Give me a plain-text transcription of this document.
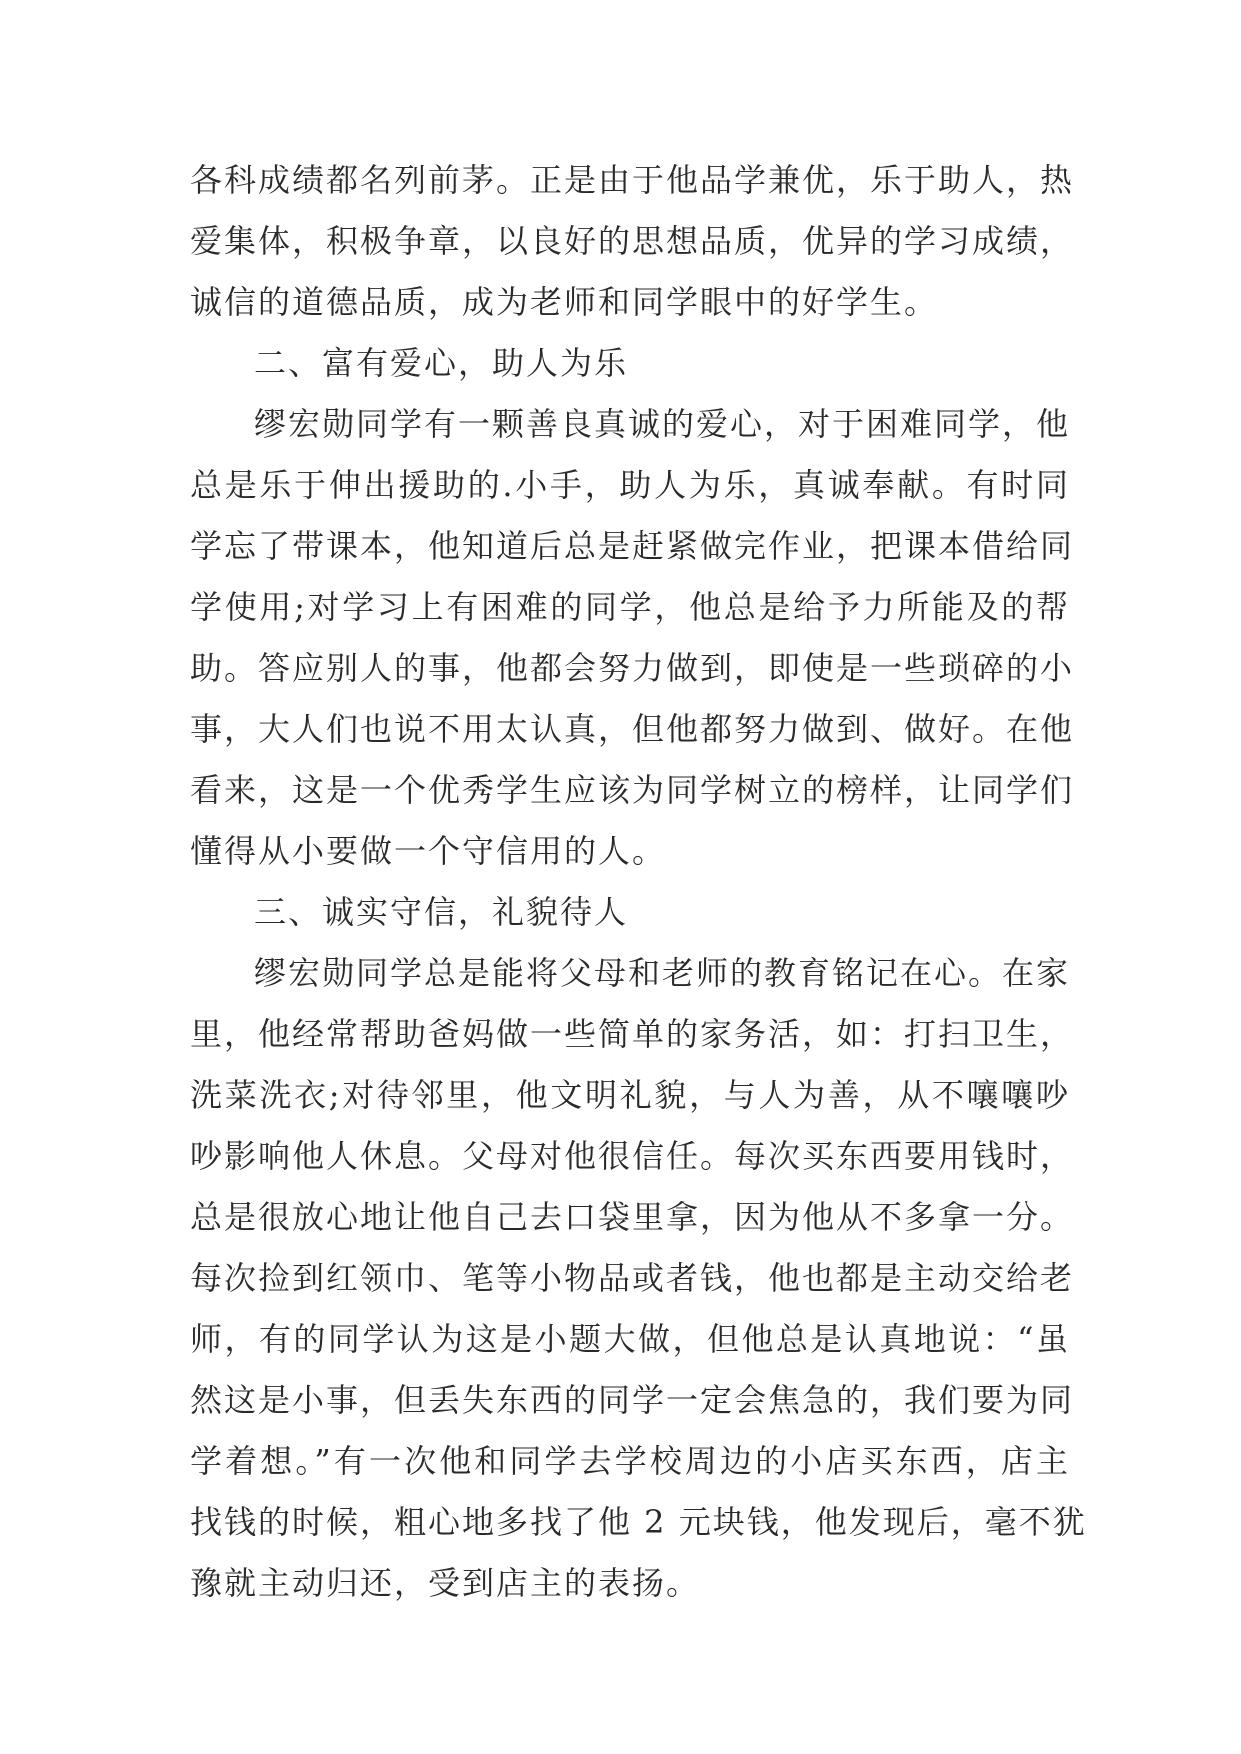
各科成绩都名列前茅。正是由于他品学兼优，乐于助人，热
爱集体，积极争章，以良好的思想品质，优异的学习成绩，
诚信的道德品质，成为老师和同学眼中的好学生。
二、富有爱心，助人为乐
缪宏勋同学有一颗善良真诚的爱心，对于困难同学，他
总是乐于伸出援助的.小手，助人为乐，真诚奉献。有时同
学忘了带课本，他知道后总是赶紧做完作业，把课本借给同
学使用;对学习上有困难的同学，他总是给予力所能及的帮
助。答应别人的事，他都会努力做到，即使是一些琐碎的小
事，大人们也说不用太认真，但他都努力做到、做好。在他
看来，这是一个优秀学生应该为同学树立的榜样，让同学们
懂得从小要做一个守信用的人。
三、诚实守信，礼貌待人
缪宏勋同学总是能将父母和老师的教育铭记在心。在家
里，他经常帮助爸妈做一些简单的家务活，如：打扫卫生，
洗菜洗衣;对待邻里，他文明礼貌，与人为善，从不嚷嚷吵
吵影响他人休息。父母对他很信任。每次买东西要用钱时，
总是很放心地让他自己去口袋里拿，因为他从不多拿一分。
每次捡到红领巾、笔等小物品或者钱，他也都是主动交给老
师，有的同学认为这是小题大做，但他总是认真地说：“虽
然这是小事，但丢失东西的同学一定会焦急的，我们要为同
学着想。”有一次他和同学去学校周边的小店买东西，店主
找钱的时候，粗心地多找了他 2 元块钱，他发现后，毫不犹
豫就主动归还，受到店主的表扬。
